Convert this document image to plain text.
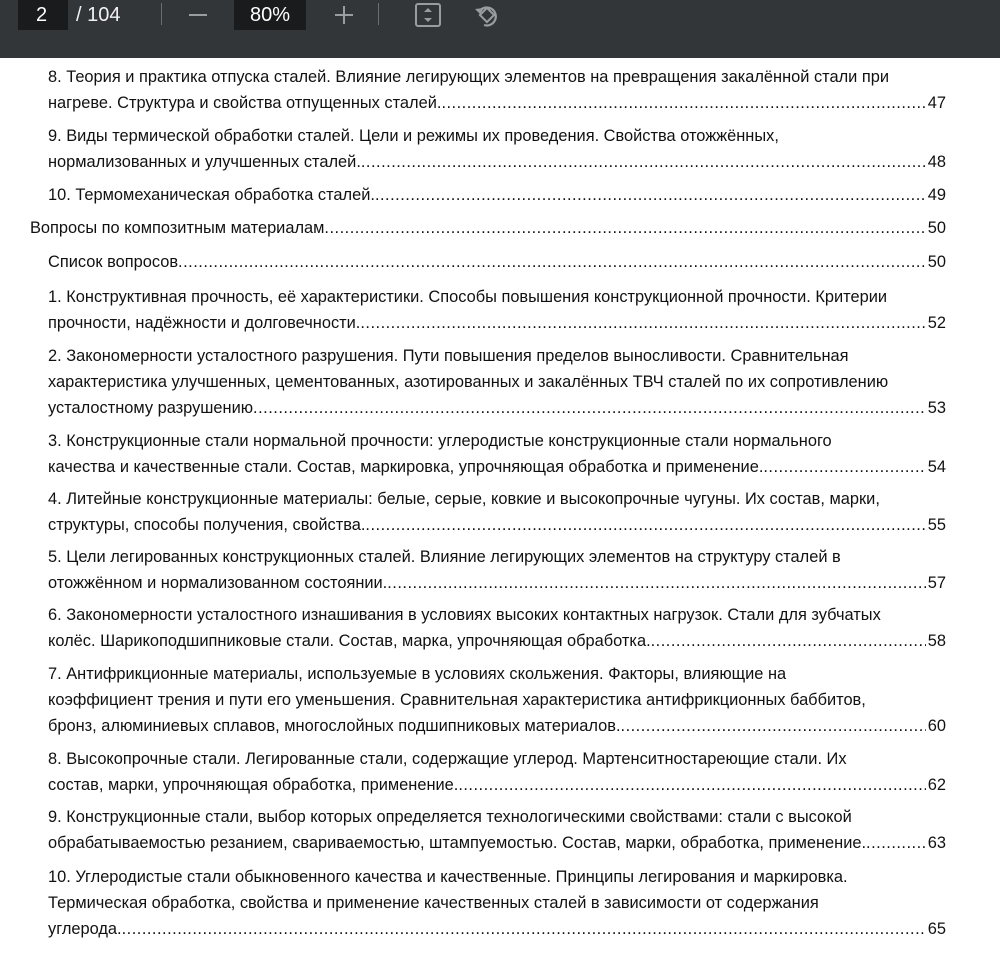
2	/ 104	80%
8. Теория и практика отпуска сталей. Влияние легирующих элементов на превращения закалённой стали при
нагреве. Структура и свойства отпущенных сталей. .....	47
9. Виды термической обработки сталей. Цели и режимы их проведения. Свойства отожжённых,
нормализованных и улучшенных сталей. .....	48
10. Термомеханическая обработка сталей. .....	49
Вопросы по композитным материалам .....	50
Список вопросов .....	50
1. Конструктивная прочность, её характеристики. Способы повышения конструкционной прочности. Критерии
прочности, надёжности и долговечности. .....	52
2. Закономерности усталостного разрушения. Пути повышения пределов выносливости. Сравнительная
характеристика улучшенных, цементованных, азотированных и закалённых ТВЧ сталей по их сопротивлению
усталостному разрушению .....	53
3. Конструкционные стали нормальной прочности: углеродистые конструкционные стали нормального
качества и качественные стали. Состав, маркировка, упрочняющая обработка и применение. .....	54
4. Литейные конструкционные материалы: белые, серые, ковкие и высокопрочные чугуны. Их состав, марки,
структуры, способы получения, свойства. .....	55
5. Цели легированных конструкционных сталей. Влияние легирующих элементов на структуру сталей в
отожжённом и нормализованном состоянии. .....	57
6. Закономерности усталостного изнашивания в условиях высоких контактных нагрузок. Стали для зубчатых
колёс. Шарикоподшипниковые стали. Состав, марка, упрочняющая обработка. .....	58
7. Антифрикционные материалы, используемые в условиях скольжения. Факторы, влияющие на
коэффициент трения и пути его уменьшения. Сравнительная характеристика антифрикционных баббитов,
бронз, алюминиевых сплавов, многослойных подшипниковых материалов. .....	60
8. Высокопрочные стали. Легированные стали, содержащие углерод. Мартенситностареющие стали. Их
состав, марки, упрочняющая обработка, применение. .....	62
9. Конструкционные стали, выбор которых определяется технологическими свойствами: стали с высокой
обрабатываемостью резанием, свариваемостью, штампуемостью. Состав, марки, обработка, применение. .....	63
10. Углеродистые стали обыкновенного качества и качественные. Принципы легирования и маркировка.
Термическая обработка, свойства и применение качественных сталей в зависимости от содержания
углерода. .....	65
